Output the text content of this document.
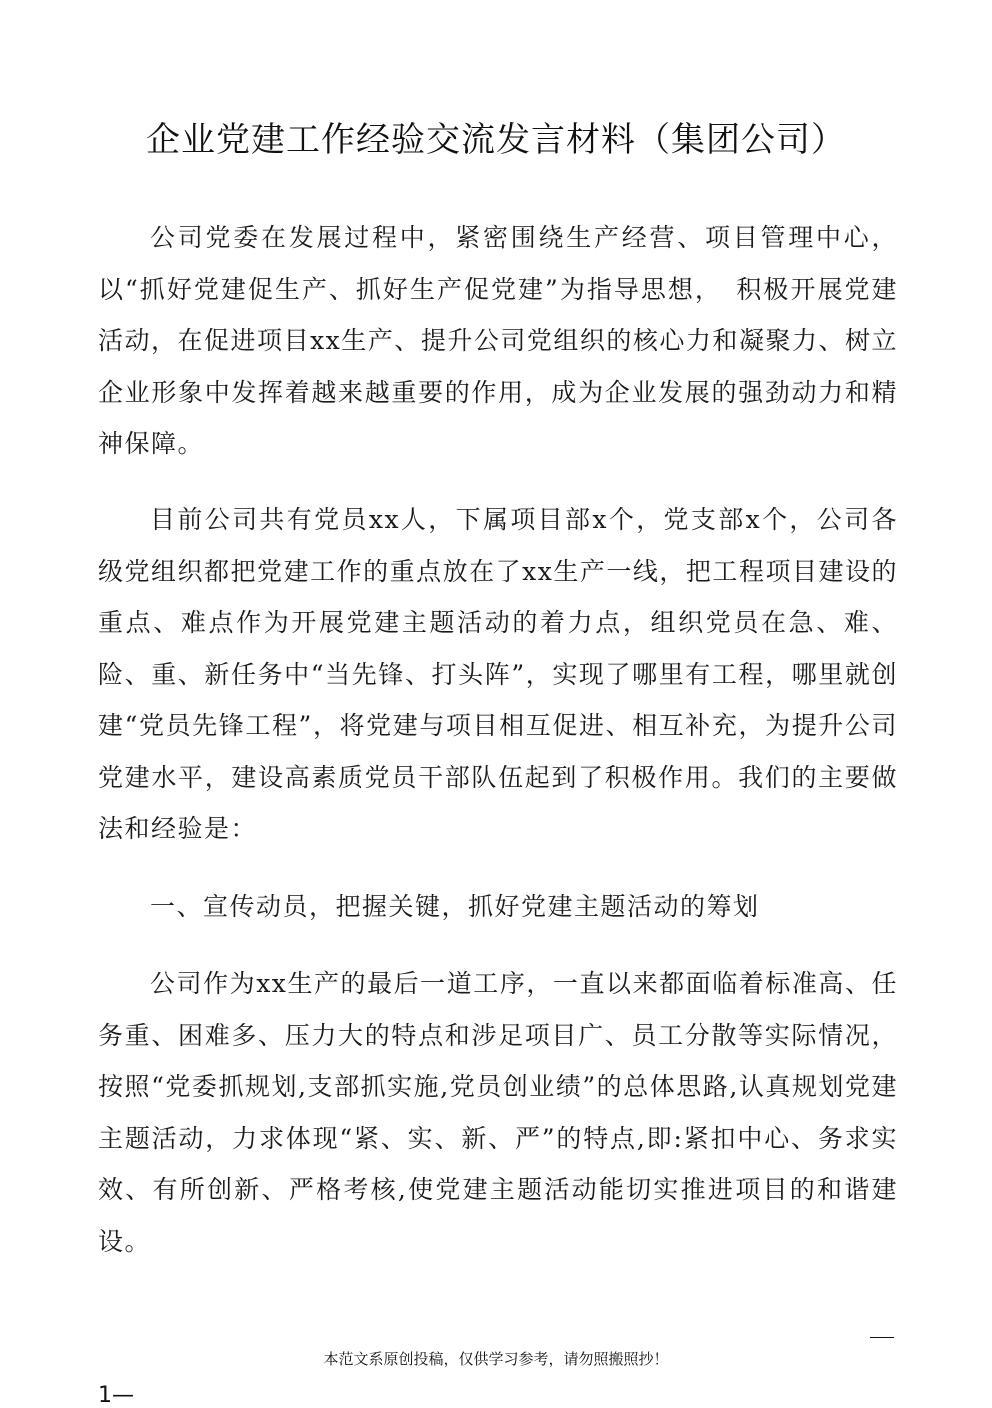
企业党建工作经验交流发言材料（集团公司）

公司党委在发展过程中，紧密围绕生产经营、项目管理中心，以“抓好党建促生产、抓好生产促党建”为指导思想，　积极开展党建活动，在促进项目xx生产、提升公司党组织的核心力和凝聚力、树立企业形象中发挥着越来越重要的作用，成为企业发展的强劲动力和精神保障。

目前公司共有党员xx人，下属项目部x个，党支部x个，公司各级党组织都把党建工作的重点放在了xx生产一线，把工程项目建设的重点、难点作为开展党建主题活动的着力点，组织党员在急、难、险、重、新任务中“当先锋、打头阵”，实现了哪里有工程，哪里就创建“党员先锋工程”，将党建与项目相互促进、相互补充，为提升公司党建水平，建设高素质党员干部队伍起到了积极作用。我们的主要做法和经验是：

一、宣传动员，把握关键，抓好党建主题活动的筹划

公司作为xx生产的最后一道工序，一直以来都面临着标准高、任务重、困难多、压力大的特点和涉足项目广、员工分散等实际情况，按照“党委抓规划,支部抓实施,党员创业绩”的总体思路,认真规划党建主题活动，力求体现“紧、实、新、严”的特点,即:紧扣中心、务求实效、有所创新、严格考核,使党建主题活动能切实推进项目的和谐建设。

本范文系原创投稿，仅供学习参考，请勿照搬照抄！
1—
